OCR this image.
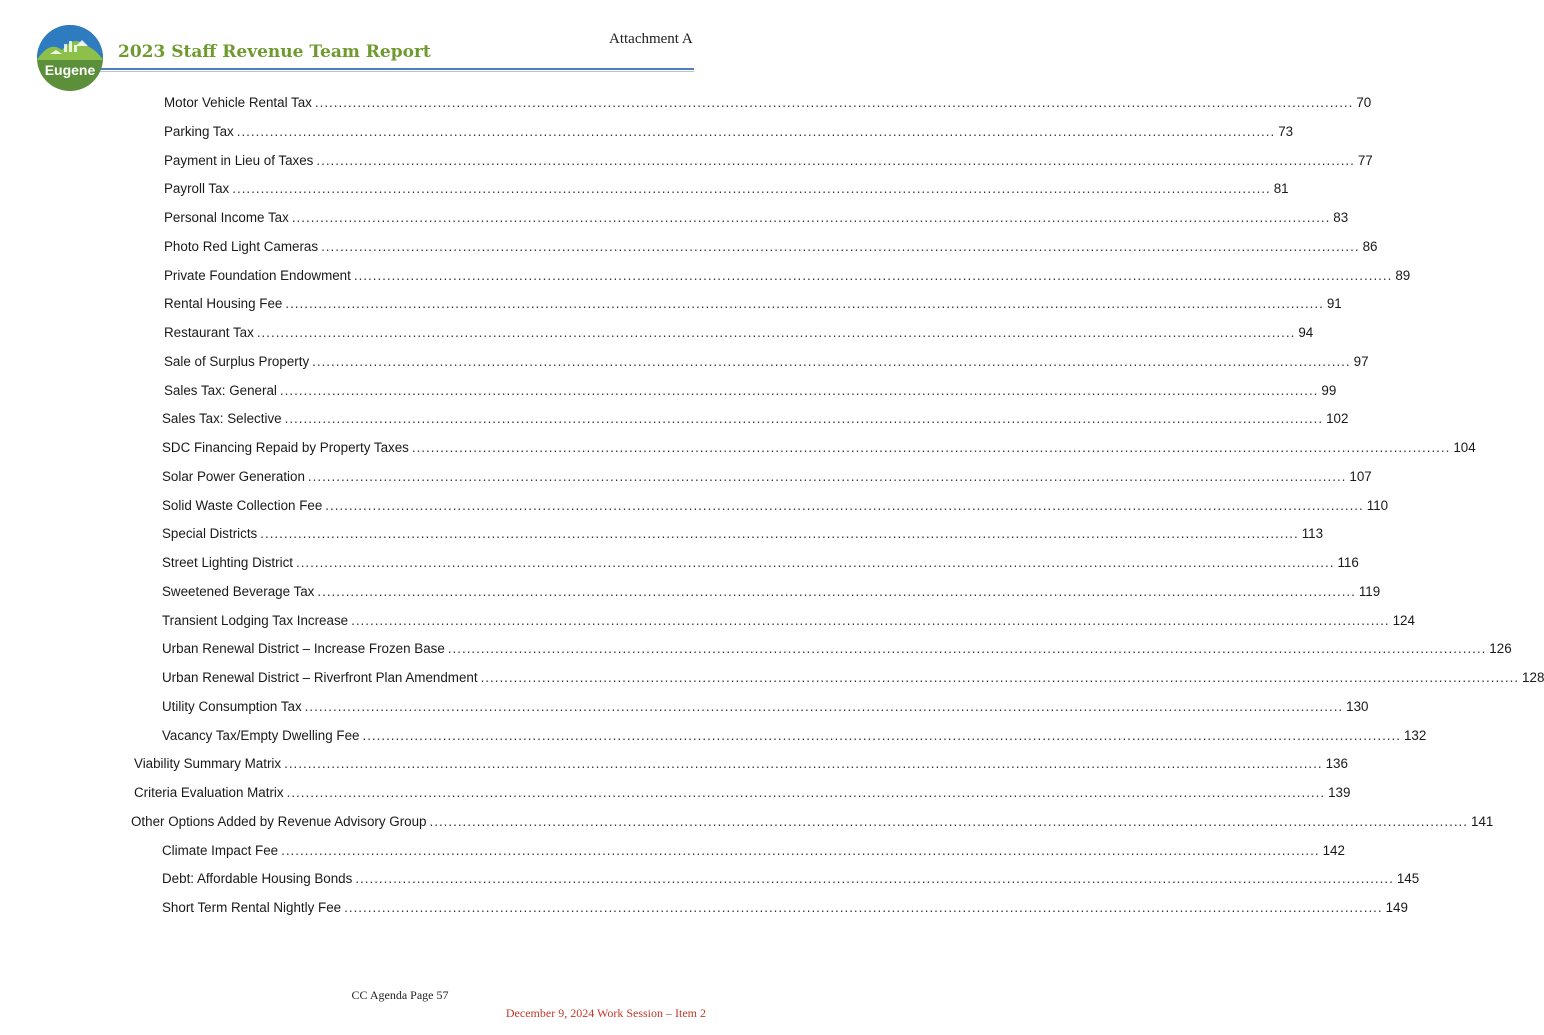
Eugene
2023 Staff Revenue Team Report
Attachment A
Motor Vehicle Rental Tax ............................................................................................................................................................................................................................ 70
Parking Tax ............................................................................................................................................................................................................................ 73
Payment in Lieu of Taxes ............................................................................................................................................................................................................................ 77
Payroll Tax ............................................................................................................................................................................................................................ 81
Personal Income Tax ............................................................................................................................................................................................................................ 83
Photo Red Light Cameras ............................................................................................................................................................................................................................ 86
Private Foundation Endowment ............................................................................................................................................................................................................................ 89
Rental Housing Fee ............................................................................................................................................................................................................................ 91
Restaurant Tax ............................................................................................................................................................................................................................ 94
Sale of Surplus Property ............................................................................................................................................................................................................................ 97
Sales Tax: General ............................................................................................................................................................................................................................ 99
Sales Tax: Selective ............................................................................................................................................................................................................................ 102
SDC Financing Repaid by Property Taxes ............................................................................................................................................................................................................................ 104
Solar Power Generation ............................................................................................................................................................................................................................ 107
Solid Waste Collection Fee ............................................................................................................................................................................................................................ 110
Special Districts ............................................................................................................................................................................................................................ 113
Street Lighting District ............................................................................................................................................................................................................................ 116
Sweetened Beverage Tax ............................................................................................................................................................................................................................ 119
Transient Lodging Tax Increase ............................................................................................................................................................................................................................ 124
Urban Renewal District – Increase Frozen Base ............................................................................................................................................................................................................................ 126
Urban Renewal District – Riverfront Plan Amendment ............................................................................................................................................................................................................................ 128
Utility Consumption Tax ............................................................................................................................................................................................................................ 130
Vacancy Tax/Empty Dwelling Fee ............................................................................................................................................................................................................................ 132
Viability Summary Matrix ............................................................................................................................................................................................................................ 136
Criteria Evaluation Matrix ............................................................................................................................................................................................................................ 139
Other Options Added by Revenue Advisory Group ............................................................................................................................................................................................................................ 141
Climate Impact Fee ............................................................................................................................................................................................................................ 142
Debt: Affordable Housing Bonds ............................................................................................................................................................................................................................ 145
Short Term Rental Nightly Fee ............................................................................................................................................................................................................................ 149
CC Agenda Page 57
December 9, 2024 Work Session – Item 2
